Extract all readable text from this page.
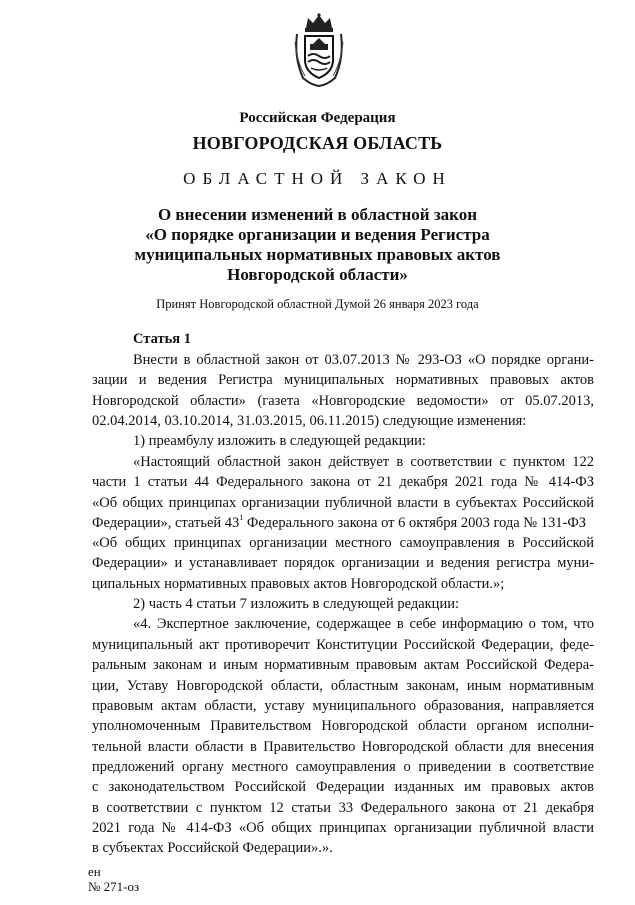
Российская Федерация
НОВГОРОДСКАЯ ОБЛАСТЬ
ОБЛАСТНОЙ ЗАКОН
О внесении изменений в областной закон
«О порядке организации и ведения Регистра
муниципальных нормативных правовых актов
Новгородской области»
Принят Новгородской областной Думой 26 января 2023 года
Статья 1
Внести в областной закон от 03.07.2013 № 293-ОЗ «О порядке органи-
зации и ведения Регистра муниципальных нормативных правовых актов
Новгородской области» (газета «Новгородские ведомости» от 05.07.2013,
02.04.2014, 03.10.2014, 31.03.2015, 06.11.2015) следующие изменения:
1) преамбулу изложить в следующей редакции:
«Настоящий областной закон действует в соответствии с пунктом 122
части 1 статьи 44 Федерального закона от 21 декабря 2021 года № 414-ФЗ
«Об общих принципах организации публичной власти в субъектах Российской
Федерации», статьей $43^1$ Федерального закона от 6 октября 2003 года № 131-ФЗ
«Об общих принципах организации местного самоуправления в Российской
Федерации» и устанавливает порядок организации и ведения регистра муни-
ципальных нормативных правовых актов Новгородской области.»;
2) часть 4 статьи 7 изложить в следующей редакции:
«4. Экспертное заключение, содержащее в себе информацию о том, что
муниципальный акт противоречит Конституции Российской Федерации, феде-
ральным законам и иным нормативным правовым актам Российской Федера-
ции, Уставу Новгородской области, областным законам, иным нормативным
правовым актам области, уставу муниципального образования, направляется
уполномоченным Правительством Новгородской области органом исполни-
тельной власти области в Правительство Новгородской области для внесения
предложений органу местного самоуправления о приведении в соответствие
с законодательством Российской Федерации изданных им правовых актов
в соответствии с пунктом 12 статьи 33 Федерального закона от 21 декабря
2021 года № 414-ФЗ «Об общих принципах организации публичной власти
в субъектах Российской Федерации».».
ен
№ 271-оз
